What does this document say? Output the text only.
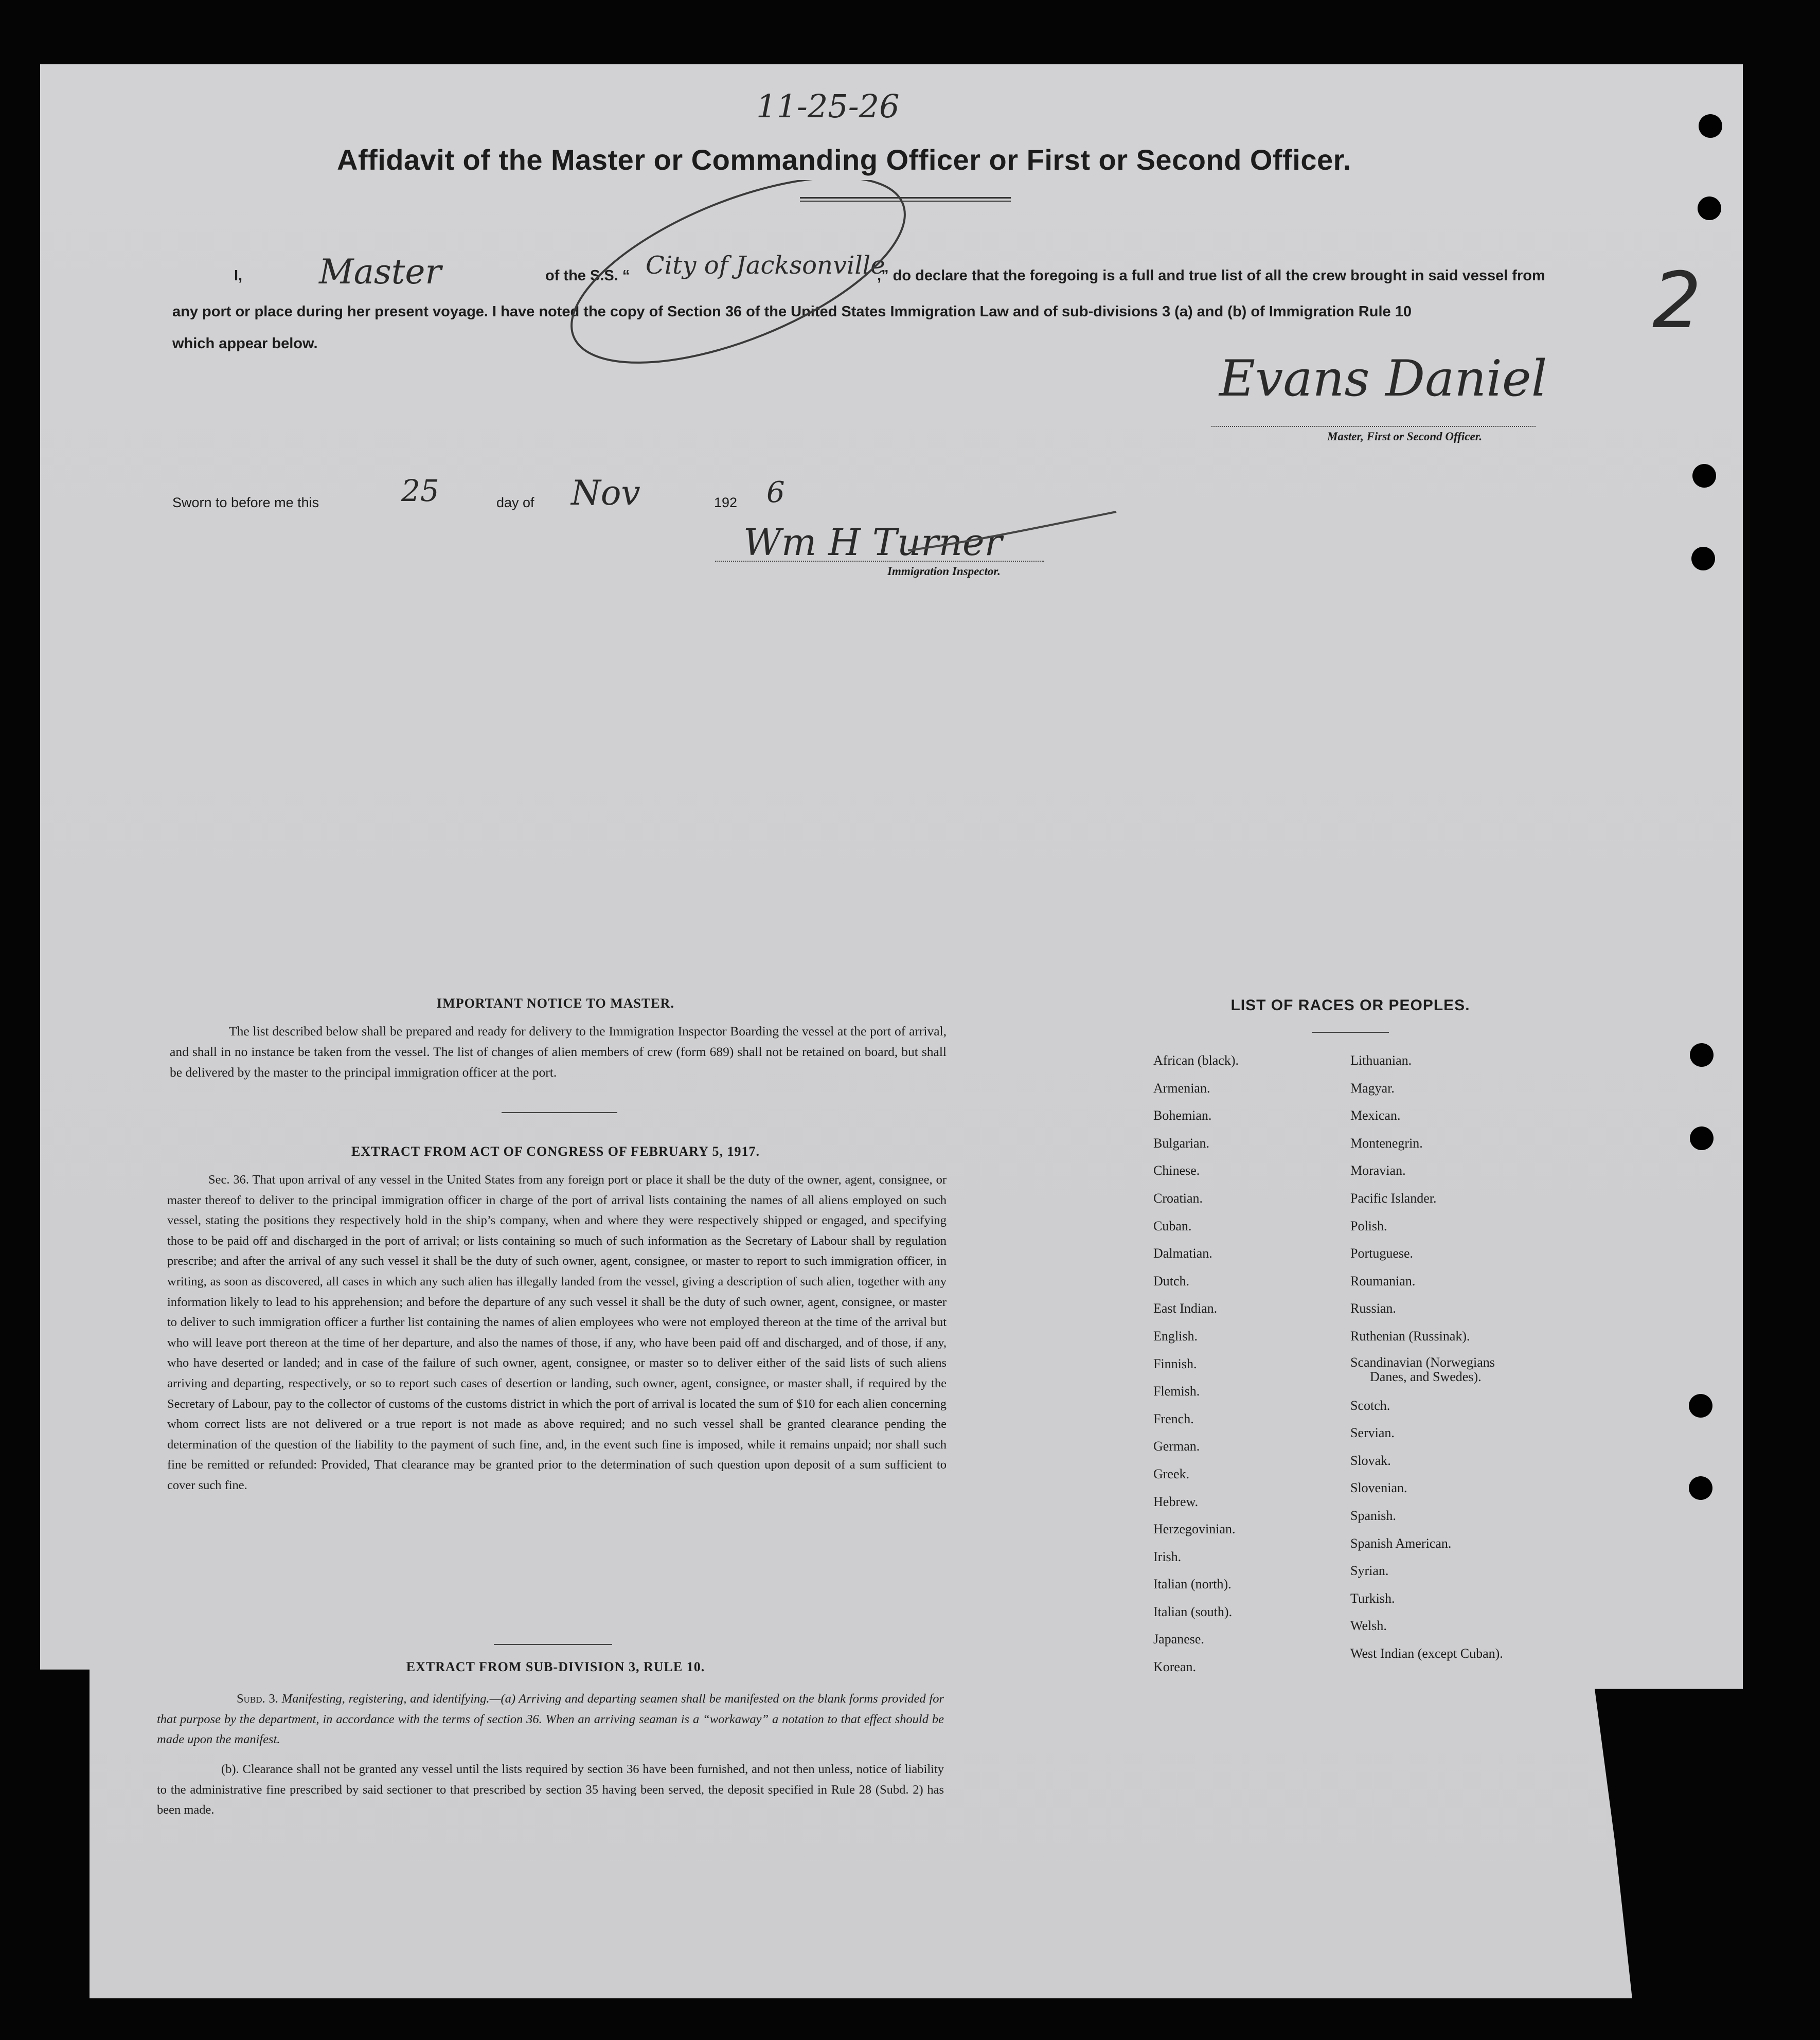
11-25-26
2
Affidavit of the Master or Commanding Officer or First or Second Officer.
I, Master	of the S.S. “ City of Jacksonville
,” do declare that the foregoing is a full and true list of all the crew brought in said vessel from
any port or place during her present voyage. I have noted the copy of Section 36 of the United States Immigration Law and of sub-divisions 3 (a) and (b) of Immigration Rule 10
which appear below.
Evans Daniel
Master, First or Second Officer.
Sworn to before me this	25	day of Nov	192 6
Wm H Turner
Immigration Inspector.
IMPORTANT NOTICE TO MASTER.
The list described below shall be prepared and ready for delivery to the Immigration Inspector Boarding the vessel at the port of arrival, and shall in no instance be taken from the vessel. The list of changes of alien members of crew (form 689) shall not be retained on board, but shall be delivered by the master to the principal immigration officer at the port.
EXTRACT FROM ACT OF CONGRESS OF FEBRUARY 5, 1917.
Sec. 36. That upon arrival of any vessel in the United States from any foreign port or place it shall be the duty of the owner, agent, consignee, or master thereof to deliver to the principal immigration officer in charge of the port of arrival lists containing the names of all aliens employed on such vessel, stating the positions they respectively hold in the ship’s company, when and where they were respectively shipped or engaged, and specifying those to be paid off and discharged in the port of arrival; or lists containing so much of such information as the Secretary of Labour shall by regulation prescribe; and after the arrival of any such vessel it shall be the duty of such owner, agent, consignee, or master to report to such immigration officer, in writing, as soon as discovered, all cases in which any such alien has illegally landed from the vessel, giving a description of such alien, together with any information likely to lead to his apprehension; and before the departure of any such vessel it shall be the duty of such owner, agent, consignee, or master to deliver to such immigration officer a further list containing the names of alien employees who were not employed thereon at the time of the arrival but who will leave port thereon at the time of her departure, and also the names of those, if any, who have been paid off and discharged, and of those, if any, who have deserted or landed; and in case of the failure of such owner, agent, consignee, or master so to deliver either of the said lists of such aliens arriving and departing, respectively, or so to report such cases of desertion or landing, such owner, agent, consignee, or master shall, if required by the Secretary of Labour, pay to the collector of customs of the customs district in which the port of arrival is located the sum of $10 for each alien concerning whom correct lists are not delivered or a true report is not made as above required; and no such vessel shall be granted clearance pending the determination of the question of the liability to the payment of such fine, and, in the event such fine is imposed, while it remains unpaid; nor shall such fine be remitted or refunded: Provided, That clearance may be granted prior to the determination of such question upon deposit of a sum sufficient to cover such fine.
EXTRACT FROM SUB-DIVISION 3, RULE 10.
Subd. 3. Manifesting, registering, and identifying.—(a) Arriving and departing seamen shall be manifested on the blank forms provided for that purpose by the department, in accordance with the terms of section 36. When an arriving seaman is a “workaway” a notation to that effect should be made upon the manifest.
(b). Clearance shall not be granted any vessel until the lists required by section 36 have been furnished, and not then unless, notice of liability to the administrative fine prescribed by said sectioner to that prescribed by section 35 having been served, the deposit specified in Rule 28 (Subd. 2) has been made.
LIST OF RACES OR PEOPLES.
African (black).
Armenian.
Bohemian.
Bulgarian.
Chinese.
Croatian.
Cuban.
Dalmatian.
Dutch.
East Indian.
English.
Finnish.
Flemish.
French.
German.
Greek.
Hebrew.
Herzegovinian.
Irish.
Italian (north).
Italian (south).
Japanese.
Korean.
Lithuanian.
Magyar.
Mexican.
Montenegrin.
Moravian.
Pacific Islander.
Polish.
Portuguese.
Roumanian.
Russian.
Ruthenian (Russinak).
Scandinavian (Norwegians
Danes, and Swedes).
Scotch.
Servian.
Slovak.
Slovenian.
Spanish.
Spanish American.
Syrian.
Turkish.
Welsh.
West Indian (except Cuban).
